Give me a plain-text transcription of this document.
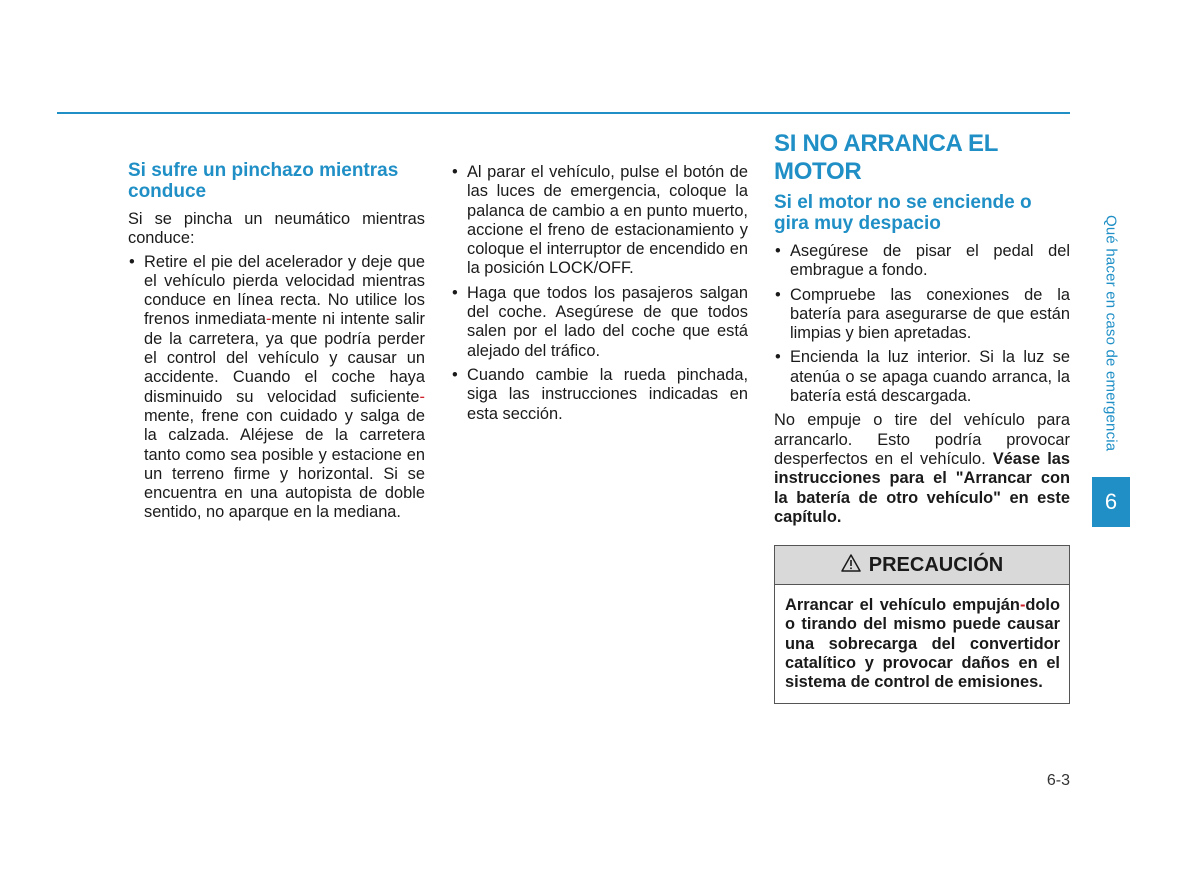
Si sufre un pinchazo mientras conduce

Si se pincha un neumático mientras conduce:

• Retire el pie del acelerador y deje que el vehículo pierda velocidad mientras conduce en línea recta. No utilice los frenos inmediata-mente ni intente salir de la carretera, ya que podría perder el control del vehículo y causar un accidente. Cuando el coche haya disminuido su velocidad suficiente-mente, frene con cuidado y salga de la calzada. Aléjese de la carretera tanto como sea posible y estacione en un terreno firme y horizontal. Si se encuentra en una autopista de doble sentido, no aparque en la mediana.
• Al parar el vehículo, pulse el botón de las luces de emergencia, coloque la palanca de cambio a en punto muerto, accione el freno de estacionamiento y coloque el interruptor de encendido en la posición LOCK/OFF.
• Haga que todos los pasajeros salgan del coche. Asegúrese de que todos salen por el lado del coche que está alejado del tráfico.
• Cuando cambie la rueda pinchada, siga las instrucciones indicadas en esta sección.
SI NO ARRANCA EL MOTOR
Si el motor no se enciende o gira muy despacio
• Asegúrese de pisar el pedal del embrague a fondo.
• Compruebe las conexiones de la batería para asegurarse de que están limpias y bien apretadas.
• Encienda la luz interior. Si la luz se atenúa o se apaga cuando arranca, la batería está descargada.

No empuje o tire del vehículo para arrancarlo. Esto podría provocar desperfectos en el vehículo. Véase las instrucciones para el "Arrancar con la batería de otro vehículo" en este capítulo.

PRECAUCIÓN
Arrancar el vehículo empuján-dolo o tirando del mismo puede causar una sobrecarga del convertidor catalítico y provocar daños en el sistema de control de emisiones.
Qué hacer en caso de emergencia
6
6-3
